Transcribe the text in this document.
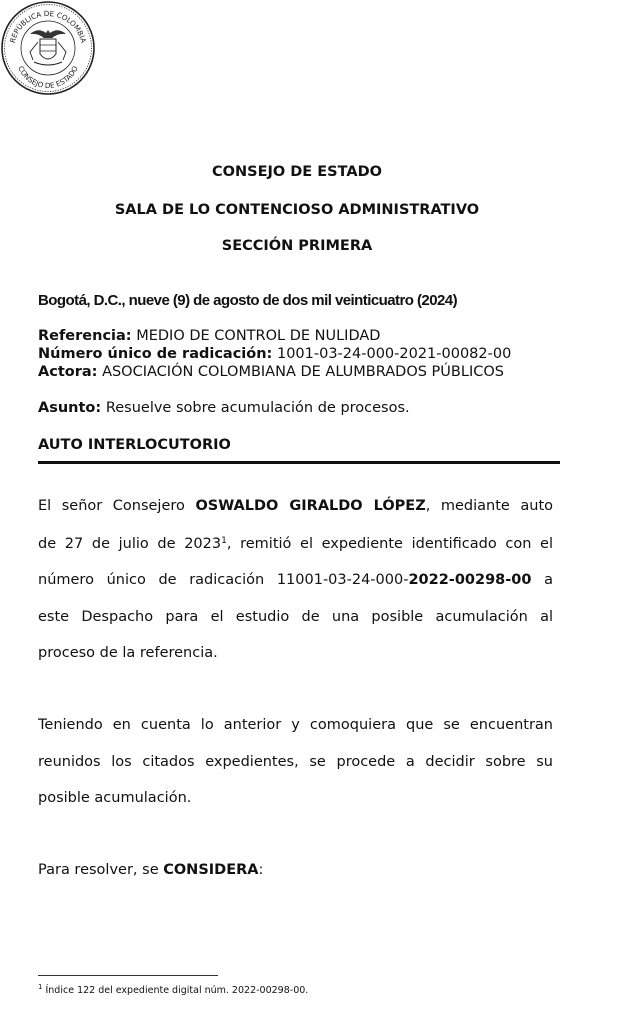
REPÚBLICA DE COLOMBIA
CONSEJO DE ESTADO
CONSEJO DE ESTADO
SALA DE LO CONTENCIOSO ADMINISTRATIVO
SECCIÓN PRIMERA
Bogotá, D.C., nueve (9) de agosto de dos mil veinticuatro (2024)
Referencia: MEDIO DE CONTROL DE NULIDAD
Número único de radicación: 1001-03-24-000-2021-00082-00
Actora: ASOCIACIÓN COLOMBIANA DE ALUMBRADOS PÚBLICOS
Asunto: Resuelve sobre acumulación de procesos.
AUTO INTERLOCUTORIO
El señor Consejero OSWALDO GIRALDO LÓPEZ, mediante auto
de 27 de julio de 2023$^1$, remitió el expediente identificado con el
número único de radicación 11001-03-24-000-2022-00298-00 a
este Despacho para el estudio de una posible acumulación al
proceso de la referencia.
Teniendo en cuenta lo anterior y comoquiera que se encuentran
reunidos los citados expedientes, se procede a decidir sobre su
posible acumulación.
Para resolver, se CONSIDERA:
$^1$ Índice 122 del expediente digital núm. 2022-00298-00.
